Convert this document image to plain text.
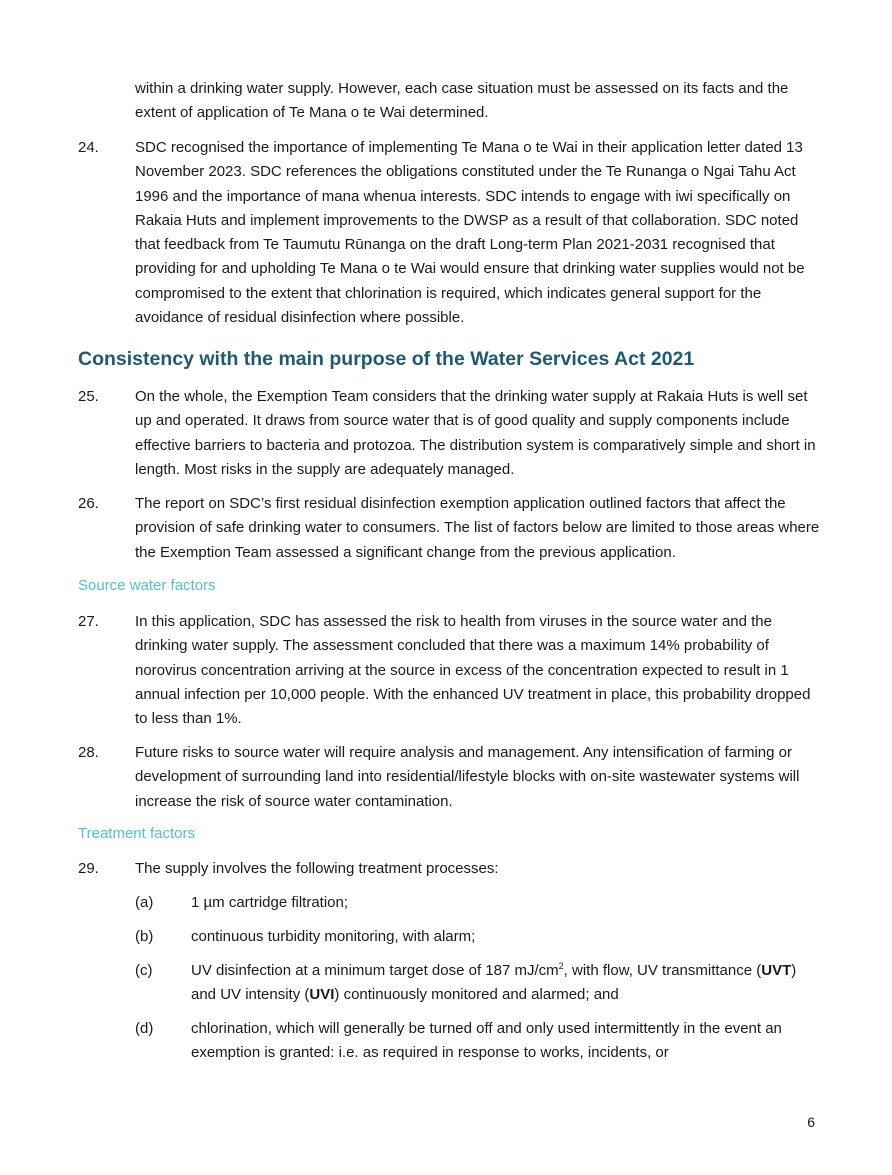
within a drinking water supply. However, each case situation must be assessed on its facts and the extent of application of Te Mana o te Wai determined.
24.	SDC recognised the importance of implementing Te Mana o te Wai in their application letter dated 13 November 2023. SDC references the obligations constituted under the Te Runanga o Ngai Tahu Act 1996 and the importance of mana whenua interests. SDC intends to engage with iwi specifically on Rakaia Huts and implement improvements to the DWSP as a result of that collaboration. SDC noted that feedback from Te Taumutu Rūnanga on the draft Long-term Plan 2021-2031 recognised that providing for and upholding Te Mana o te Wai would ensure that drinking water supplies would not be compromised to the extent that chlorination is required, which indicates general support for the avoidance of residual disinfection where possible.
Consistency with the main purpose of the Water Services Act 2021
25.	On the whole, the Exemption Team considers that the drinking water supply at Rakaia Huts is well set up and operated. It draws from source water that is of good quality and supply components include effective barriers to bacteria and protozoa. The distribution system is comparatively simple and short in length. Most risks in the supply are adequately managed.
26.	The report on SDC’s first residual disinfection exemption application outlined factors that affect the provision of safe drinking water to consumers. The list of factors below are limited to those areas where the Exemption Team assessed a significant change from the previous application.
Source water factors
27.	In this application, SDC has assessed the risk to health from viruses in the source water and the drinking water supply. The assessment concluded that there was a maximum 14% probability of norovirus concentration arriving at the source in excess of the concentration expected to result in 1 annual infection per 10,000 people. With the enhanced UV treatment in place, this probability dropped to less than 1%.
28.	Future risks to source water will require analysis and management. Any intensification of farming or development of surrounding land into residential/lifestyle blocks with on-site wastewater systems will increase the risk of source water contamination.
Treatment factors
29.	The supply involves the following treatment processes:
(a)	1 µm cartridge filtration;
(b)	continuous turbidity monitoring, with alarm;
(c)	UV disinfection at a minimum target dose of 187 $mJ/cm^2$, with flow, UV transmittance (UVT) and UV intensity (UVI) continuously monitored and alarmed; and
(d)	chlorination, which will generally be turned off and only used intermittently in the event an exemption is granted: i.e. as required in response to works, incidents, or
6
